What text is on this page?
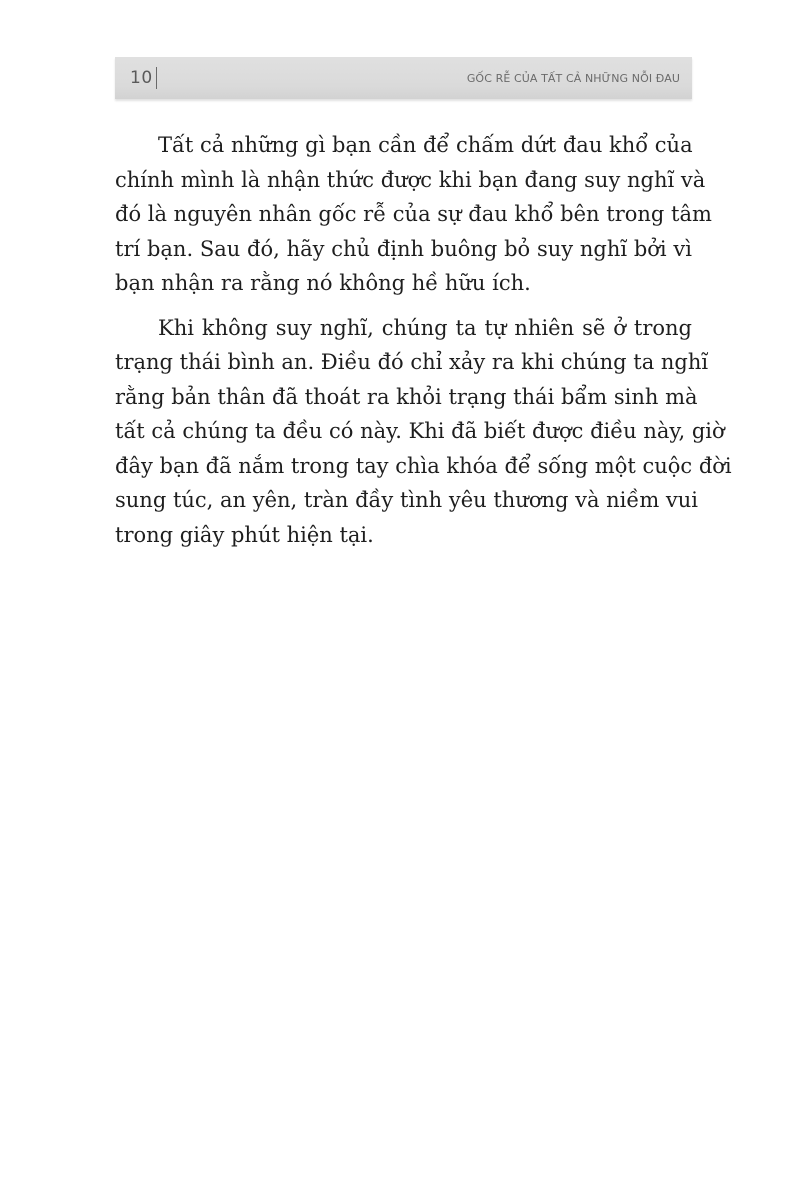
10	GỐC RỄ CỦA TẤT CẢ NHỮNG NỖI ĐAU

Tất cả những gì bạn cần để chấm dứt đau khổ của
chính mình là nhận thức được khi bạn đang suy nghĩ và
đó là nguyên nhân gốc rễ của sự đau khổ bên trong tâm
trí bạn. Sau đó, hãy chủ định buông bỏ suy nghĩ bởi vì
bạn nhận ra rằng nó không hề hữu ích.

Khi không suy nghĩ, chúng ta tự nhiên sẽ ở trong
trạng thái bình an. Điều đó chỉ xảy ra khi chúng ta nghĩ
rằng bản thân đã thoát ra khỏi trạng thái bẩm sinh mà
tất cả chúng ta đều có này. Khi đã biết được điều này, giờ
đây bạn đã nắm trong tay chìa khóa để sống một cuộc đời
sung túc, an yên, tràn đầy tình yêu thương và niềm vui
trong giây phút hiện tại.
